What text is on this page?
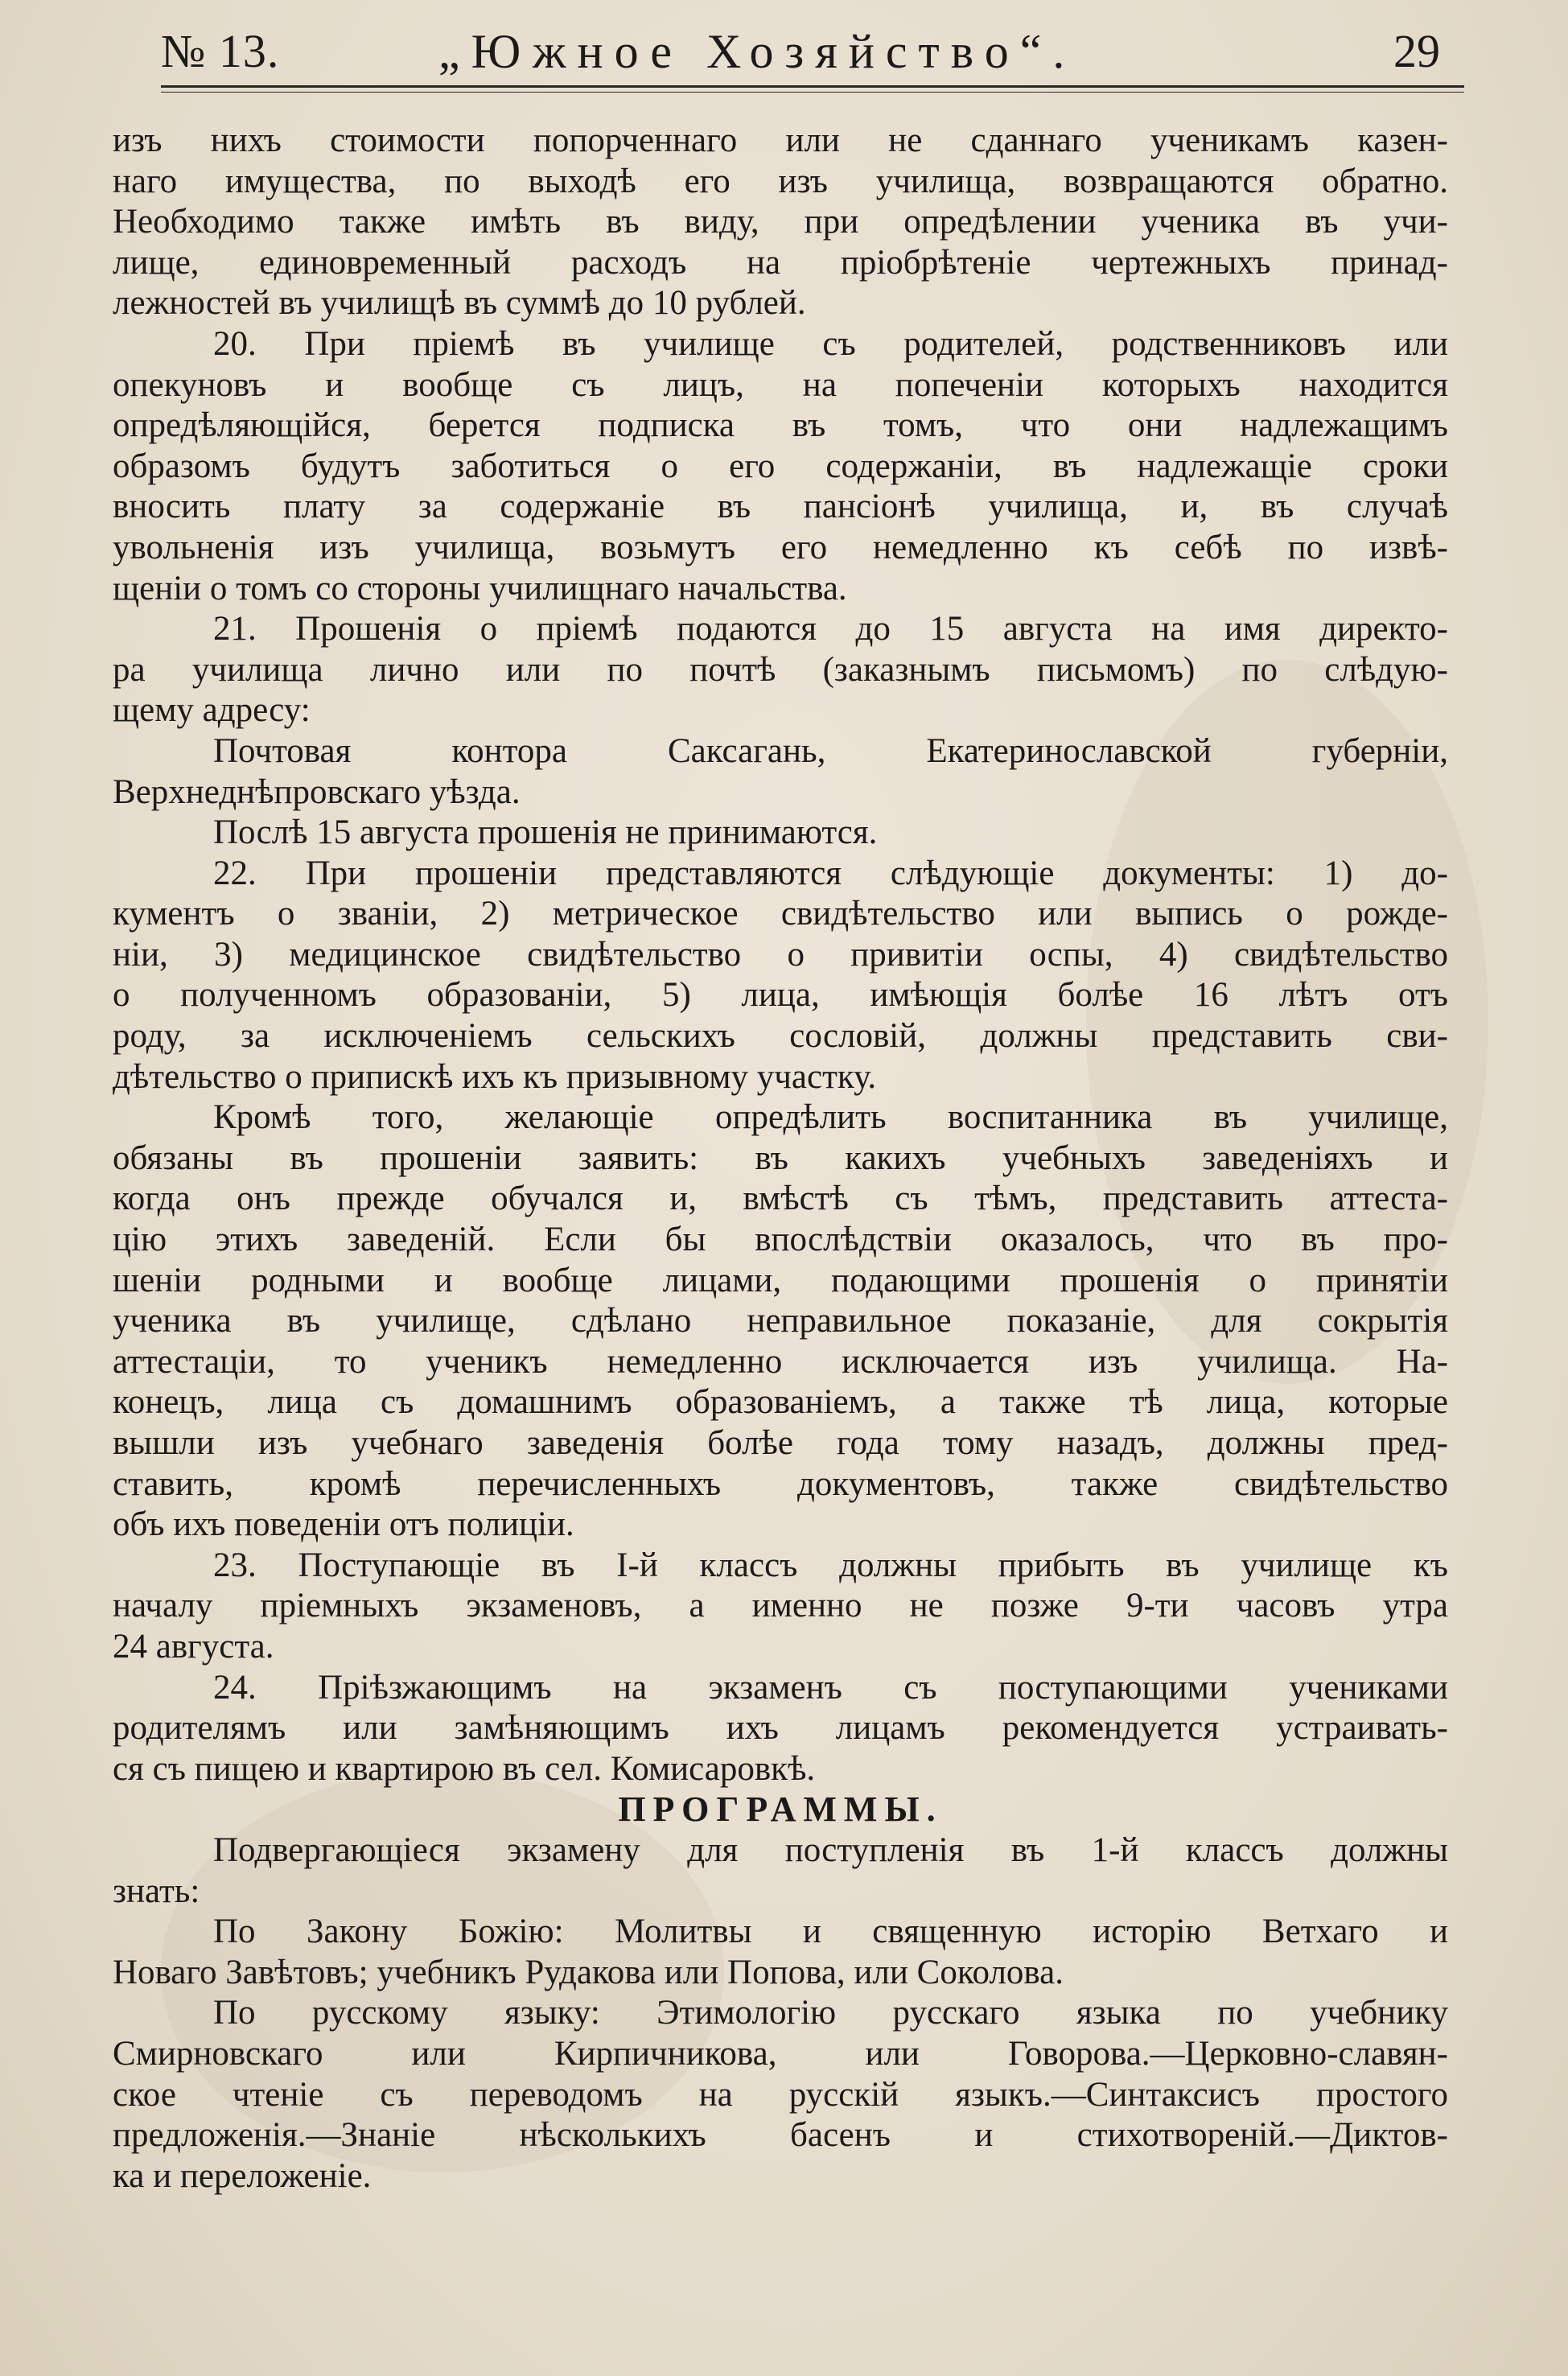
№ 13.	„Южное Хозяйство“.	29
изъ нихъ стоимости попорченнаго или не сданнаго ученикамъ казен-
наго имущества, по выходѣ его изъ училища, возвращаются обратно.
Необходимо также имѣть въ виду, при опредѣлении ученика въ учи-
лище, единовременный расходъ на пріобрѣтеніе чертежныхъ принад-
лежностей въ училищѣ въ суммѣ до 10 рублей.
20. При пріемѣ въ училище съ родителей, родственниковъ или
опекуновъ и вообще съ лицъ, на попеченіи которыхъ находится
опредѣляющійся, берется подписка въ томъ, что они надлежащимъ
образомъ будутъ заботиться о его содержаніи, въ надлежащіе сроки
вносить плату за содержаніе въ пансіонѣ училища, и, въ случаѣ
увольненія изъ училища, возьмутъ его немедленно къ себѣ по извѣ-
щеніи о томъ со стороны училищнаго начальства.
21. Прошенія о пріемѣ подаются до 15 августа на имя директо-
ра училища лично или по почтѣ (заказнымъ письмомъ) по слѣдую-
щему адресу:
Почтовая контора Саксагань, Екатеринославской губерніи,
Верхнеднѣпровскаго уѣзда.
Послѣ 15 августа прошенія не принимаются.
22. При прошеніи представляются слѣдующіе документы: 1) до-
кументъ о званіи, 2) метрическое свидѣтельство или выпись о рожде-
ніи, 3) медицинское свидѣтельство о привитіи оспы, 4) свидѣтельство
о полученномъ образованіи, 5) лица, имѣющія болѣе 16 лѣтъ отъ
роду, за исключеніемъ сельскихъ сословій, должны представить сви-
дѣтельство о припискѣ ихъ къ призывному участку.
Кромѣ того, желающіе опредѣлить воспитанника въ училище,
обязаны въ прошеніи заявить: въ какихъ учебныхъ заведеніяхъ и
когда онъ прежде обучался и, вмѣстѣ съ тѣмъ, представить аттеста-
цію этихъ заведеній. Если бы впослѣдствіи оказалось, что въ про-
шеніи родными и вообще лицами, подающими прошенія о принятіи
ученика въ училище, сдѣлано неправильное показаніе, для сокрытія
аттестаціи, то ученикъ немедленно исключается изъ училища. На-
конецъ, лица съ домашнимъ образованіемъ, а также тѣ лица, которые
вышли изъ учебнаго заведенія болѣе года тому назадъ, должны пред-
ставить, кромѣ перечисленныхъ документовъ, также свидѣтельство
объ ихъ поведеніи отъ полиціи.
23. Поступающіе въ I-й классъ должны прибыть въ училище къ
началу пріемныхъ экзаменовъ, а именно не позже 9-ти часовъ утра
24 августа.
24. Пріѣзжающимъ на экзаменъ съ поступающими учениками
родителямъ или замѣняющимъ ихъ лицамъ рекомендуется устраивать-
ся съ пищею и квартирою въ сел. Комисаровкѣ.
ПРОГРАММЫ.
Подвергающіеся экзамену для поступленія въ 1-й классъ должны
знать:
По Закону Божію: Молитвы и священную исторію Ветхаго и
Новаго Завѣтовъ; учебникъ Рудакова или Попова, или Соколова.
По русскому языку: Этимологію русскаго языка по учебнику
Смирновскаго или Кирпичникова, или Говорова.—Церковно-славян-
ское чтеніе съ переводомъ на русскій языкъ.—Синтаксисъ простого
предложенія.—Знаніе нѣсколькихъ басенъ и стихотвореній.—Диктов-
ка и переложеніе.
